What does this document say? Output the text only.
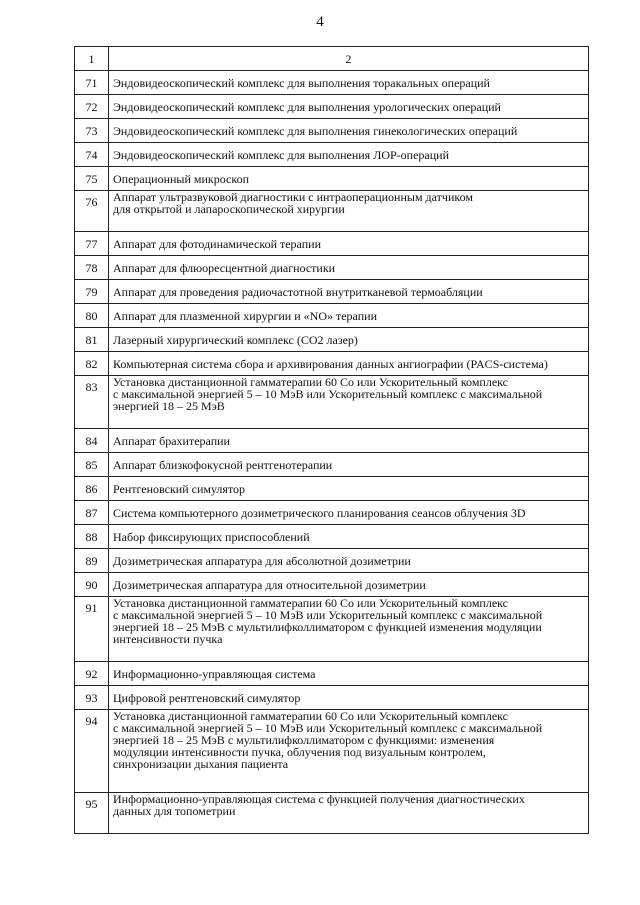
4
1	2
71	Эндовидеоскопический комплекс для выполнения торакальных операций

72	Эндовидеоскопический комплекс для выполнения урологических операций

73	Эндовидеоскопический комплекс для выполнения гинекологических операций

74	Эндовидеоскопический комплекс для выполнения ЛОР-операций

75	Операционный микроскоп

76	Аппарат ультразвуковой диагностики с интраоперационным датчиком
для открытой и лапароскопической хирургии

77	Аппарат для фотодинамической терапии

78	Аппарат для флюоресцентной диагностики

79	Аппарат для проведения радиочастотной внутритканевой термоабляции

80	Аппарат для плазменной хирургии и «NO» терапии

81	Лазерный хирургический комплекс (СО2 лазер)

82	Компьютерная система сбора и архивирования данных ангиографии (PACS-система)

83	Установка дистанционной гаммaтерапии 60 Со или Ускорительный комплекс
с максимальной энергией 5 – 10 МэВ или Ускорительный комплекс с максимальной
энергией 18 – 25 МэВ

84	Аппарат брахитерапии

85	Аппарат близкофокусной рентгенотерапии

86	Рентгеновский симулятор

87	Система компьютерного дозиметрического планирования сеансов облучения 3D

88	Набор фиксирующих приспособлений

89	Дозиметрическая аппаратура для абсолютной дозиметрии

90	Дозиметрическая аппаратура для относительной дозиметрии

91	Установка дистанционной гаммaтерапии 60 Со или Ускорительный комплекс
с максимальной энергией 5 – 10 МэВ или Ускорительный комплекс с максимальной
энергией 18 – 25 МэВ с мультилифколлиматором с функцией изменения модуляции
интенсивности пучка

92	Информационно-управляющая система

93	Цифровой рентгеновский симулятор

94	Установка дистанционной гаммaтерапии 60 Со или Ускорительный комплекс
с максимальной энергией 5 – 10 МэВ или Ускорительный комплекс с максимальной
энергией 18 – 25 МэВ с мультилифколлиматором с функциями: изменения
модуляции интенсивности пучка, облучения под визуальным контролем,
синхронизации дыхания пациента

95	Информационно-управляющая система с функцией получения диагностических
данных для топометрии
